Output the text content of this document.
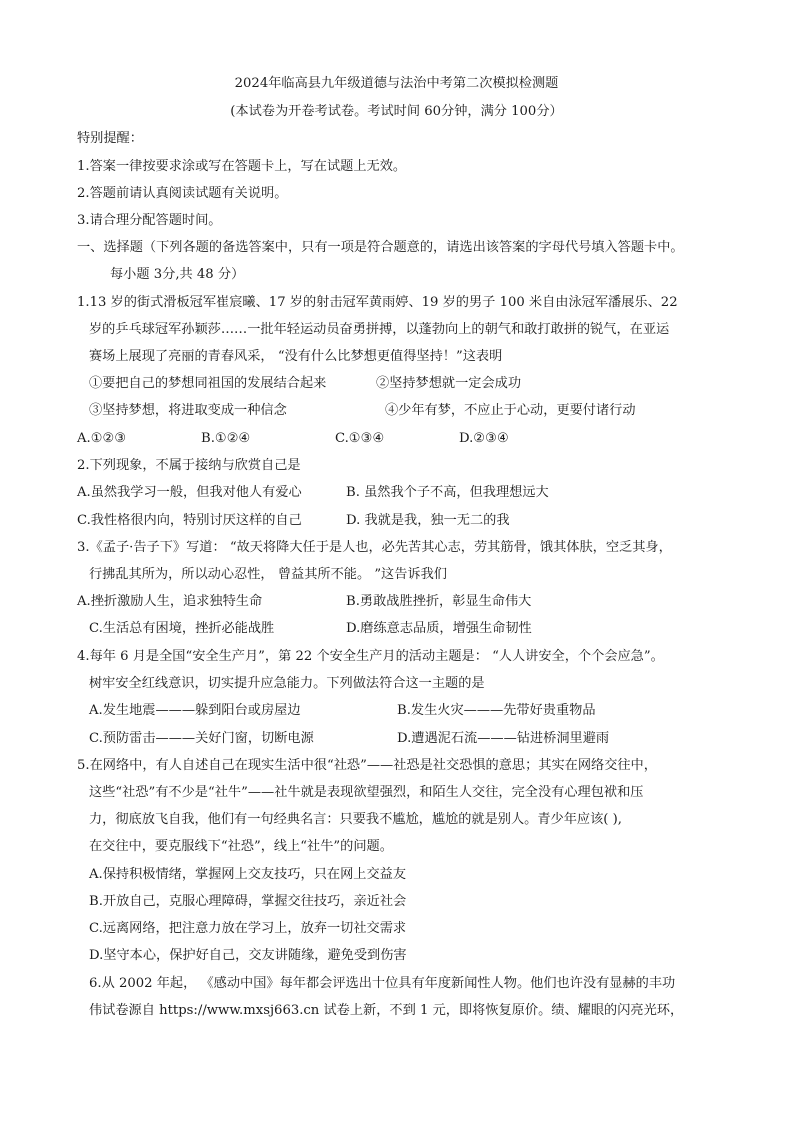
2024年临高县九年级道德与法治中考第二次模拟检测题
(本试卷为开卷考试卷。考试时间 60分钟，满分 100分）
特别提醒：
1.答案一律按要求涂或写在答题卡上，写在试题上无效。
2.答题前请认真阅读试题有关说明。
3.请合理分配答题时间。
一、选择题（下列各题的备选答案中，只有一项是符合题意的，请选出该答案的字母代号填入答题卡中。
每小题 3分,共 48 分）
1.13 岁的街式滑板冠军崔宸曦、17 岁的射击冠军黄雨婷、19 岁的男子 100 米自由泳冠军潘展乐、22
岁的乒乓球冠军孙颖莎……一批年轻运动员奋勇拼搏，以蓬勃向上的朝气和敢打敢拼的锐气，在亚运
赛场上展现了亮丽的青春风采， “没有什么比梦想更值得坚持！”这表明
①要把自己的梦想同祖国的发展结合起来	②坚持梦想就一定会成功
③坚持梦想，将进取变成一种信念	④少年有梦，不应止于心动，更要付诸行动
A.①②③	B.①②④	C.①③④	D.②③④
2.下列现象，不属于接纳与欣赏自己是
A.虽然我学习一般，但我对他人有爱心	B. 虽然我个子不高，但我理想远大
C.我性格很内向，特别讨厌这样的自己	D. 我就是我，独一无二的我
3.《孟子·告子下》写道： “故天将降大任于是人也，必先苦其心志，劳其筋骨，饿其体肤，空乏其身，
行拂乱其所为，所以动心忍性， 曾益其所不能。 ”这告诉我们
A.挫折激励人生，追求独特生命	B.勇敢战胜挫折，彰显生命伟大
C.生活总有困境，挫折必能战胜	D.磨练意志品质，增强生命韧性
4.每年 6 月是全国“安全生产月”，第 22 个安全生产月的活动主题是： “人人讲安全，个个会应急”。
树牢安全红线意识，切实提升应急能力。下列做法符合这一主题的是
A.发生地震———躲到阳台或房屋边	B.发生火灾———先带好贵重物品
C.预防雷击———关好门窗，切断电源	D.遭遇泥石流———钻进桥洞里避雨
5.在网络中，有人自述自己在现实生活中很“社恐”——社恐是社交恐惧的意思；其实在网络交往中，
这些“社恐”有不少是“社牛”——社牛就是表现欲望强烈，和陌生人交往，完全没有心理包袱和压
力，彻底放飞自我，他们有一句经典名言：只要我不尴尬，尴尬的就是别人。青少年应该( ),
在交往中，要克服线下“社恐”，线上“社牛”的问题。
A.保持积极情绪，掌握网上交友技巧，只在网上交益友
B.开放自己，克服心理障碍，掌握交往技巧，亲近社会
C.远离网络，把注意力放在学习上，放弃一切社交需求
D.坚守本心，保护好自己，交友讲随缘，避免受到伤害
6.从 2002 年起， 《感动中国》每年都会评选出十位具有年度新闻性人物。他们也许没有显赫的丰功
伟试卷源自 https://www.mxsj663.cn 试卷上新，不到 1 元，即将恢复原价。绩、耀眼的闪亮光环，
